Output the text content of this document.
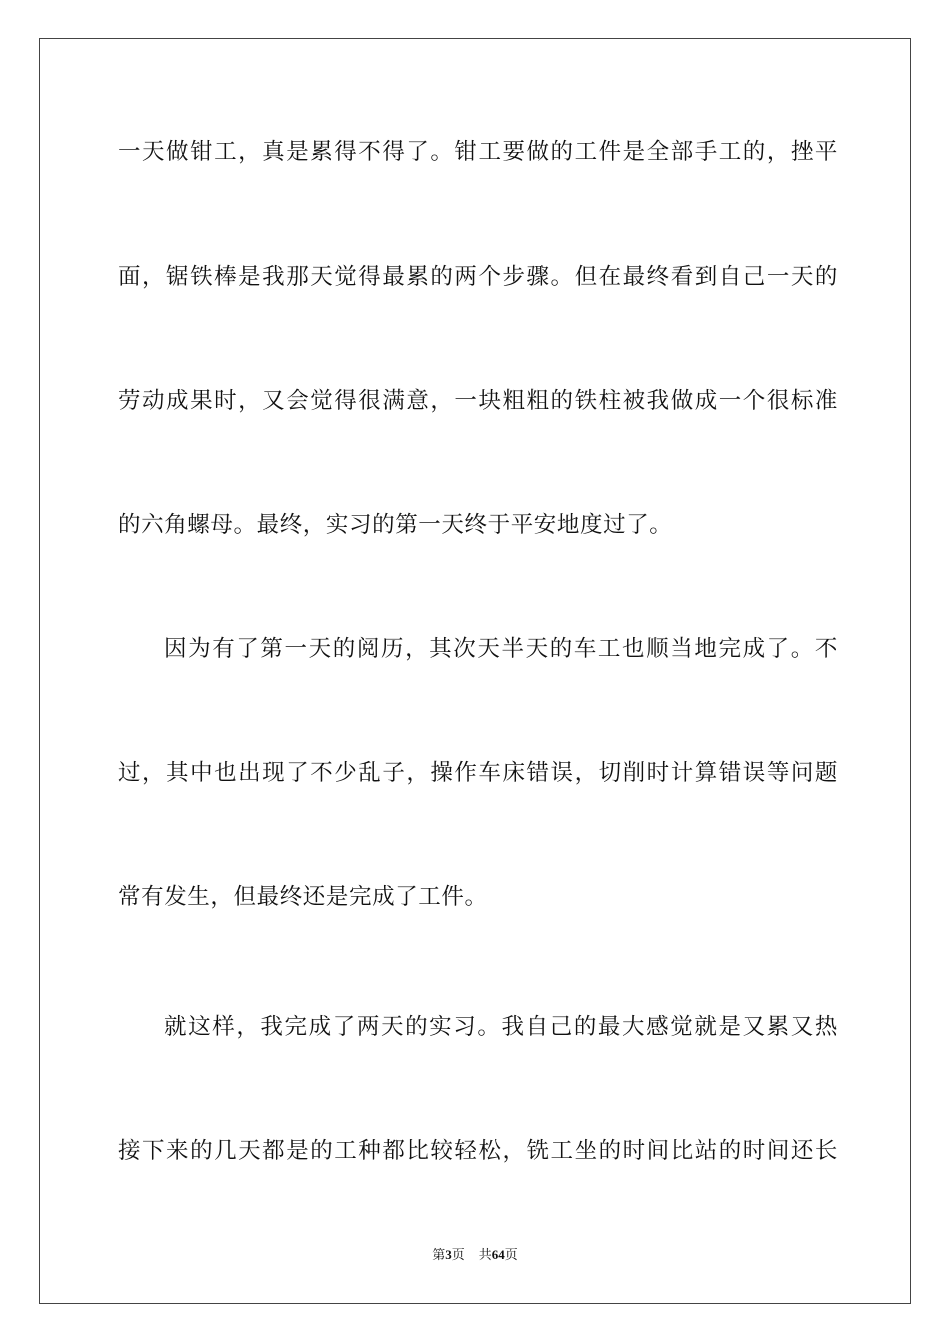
一天做钳工，真是累得不得了。钳工要做的工件是全部手工的，挫平
面，锯铁棒是我那天觉得最累的两个步骤。但在最终看到自己一天的
劳动成果时，又会觉得很满意，一块粗粗的铁柱被我做成一个很标准
的六角螺母。最终，实习的第一天终于平安地度过了。
因为有了第一天的阅历，其次天半天的车工也顺当地完成了。不
过，其中也出现了不少乱子，操作车床错误，切削时计算错误等问题
常有发生，但最终还是完成了工件。
就这样，我完成了两天的实习。我自己的最大感觉就是又累又热
接下来的几天都是的工种都比较轻松，铣工坐的时间比站的时间还长
第3页 共64页
